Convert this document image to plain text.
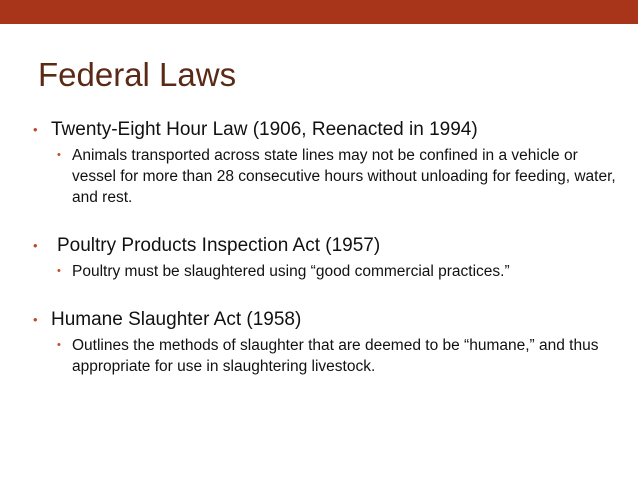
Federal Laws
• Twenty-Eight Hour Law (1906, Reenacted in 1994)
• Animals transported across state lines may not be confined in a vehicle or vessel for more than 28 consecutive hours without unloading for feeding, water, and rest.
• Poultry Products Inspection Act (1957)
• Poultry must be slaughtered using “good commercial practices.”
• Humane Slaughter Act (1958)
• Outlines the methods of slaughter that are deemed to be “humane,” and thus appropriate for use in slaughtering livestock.
